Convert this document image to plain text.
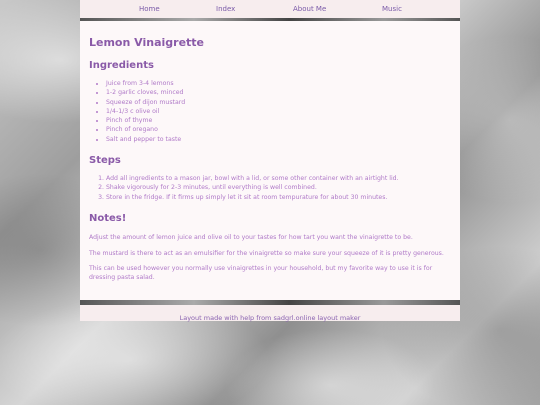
Home	Index	About Me	Music
Lemon Vinaigrette
Ingredients
• Juice from 3-4 lemons
• 1-2 garlic cloves, minced
• Squeeze of dijon mustard
• 1/4-1/3 c olive oil
• Pinch of thyme
• Pinch of oregano
• Salt and pepper to taste
Steps
1. Add all ingredients to a mason jar, bowl with a lid, or some other container with an airtight lid.
2. Shake vigorously for 2-3 minutes, until everything is well combined.
3. Store in the fridge. If it firms up simply let it sit at room tempurature for about 30 minutes.
Notes!

Adjust the amount of lemon juice and olive oil to your tastes for how tart you want the vinaigrette to be.

The mustard is there to act as an emulsifier for the vinaigrette so make sure your squeeze of it is pretty generous.

This can be used however you normally use vinaigrettes in your household, but my favorite way to use it is for dressing pasta salad.

Layout made with help from sadgrl.online layout maker
